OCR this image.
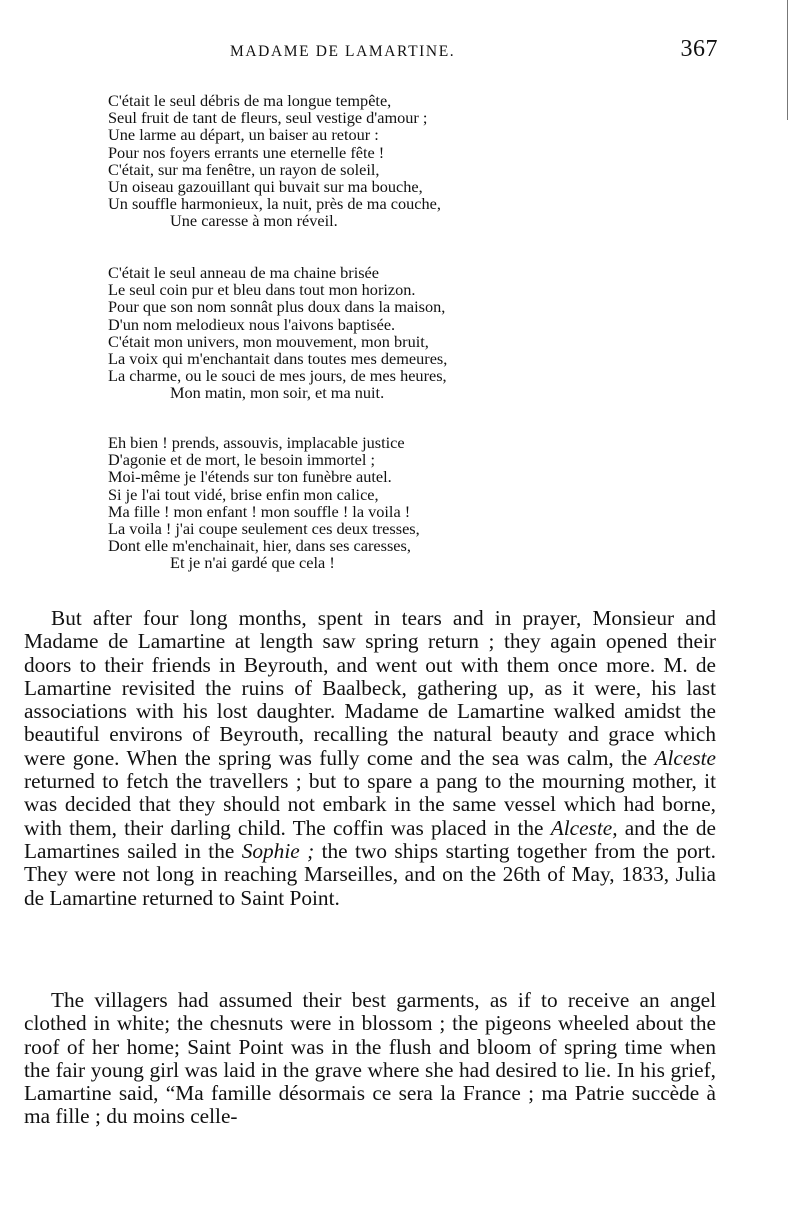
MADAME DE LAMARTINE.	367
C'était le seul débris de ma longue tempête,
Seul fruit de tant de fleurs, seul vestige d'amour ;
Une larme au départ, un baiser au retour :
Pour nos foyers errants une eternelle fête !
C'était, sur ma fenêtre, un rayon de soleil,
Un oiseau gazouillant qui buvait sur ma bouche,
Un souffle harmonieux, la nuit, près de ma couche,
Une caresse à mon réveil.
C'était le seul anneau de ma chaine brisée
Le seul coin pur et bleu dans tout mon horizon.
Pour que son nom sonnât plus doux dans la maison,
D'un nom melodieux nous l'aivons baptisée.
C'était mon univers, mon mouvement, mon bruit,
La voix qui m'enchantait dans toutes mes demeures,
La charme, ou le souci de mes jours, de mes heures,
Mon matin, mon soir, et ma nuit.
Eh bien ! prends, assouvis, implacable justice
D'agonie et de mort, le besoin immortel ;
Moi-même je l'étends sur ton funèbre autel.
Si je l'ai tout vidé, brise enfin mon calice,
Ma fille ! mon enfant ! mon souffle ! la voila !
La voila ! j'ai coupe seulement ces deux tresses,
Dont elle m'enchainait, hier, dans ses caresses,
Et je n'ai gardé que cela !

But after four long months, spent in tears and in prayer, Monsieur and Madame de Lamartine at length saw spring return ; they again opened their doors to their friends in Beyrouth, and went out with them once more. M. de Lamartine revisited the ruins of Baalbeck, gathering up, as it were, his last associations with his lost daughter. Madame de Lamartine walked amidst the beautiful environs of Beyrouth, recalling the natural beauty and grace which were gone. When the spring was fully come and the sea was calm, the Alceste returned to fetch the travellers ; but to spare a pang to the mourning mother, it was decided that they should not embark in the same vessel which had borne, with them, their darling child. The coffin was placed in the Alceste, and the de Lamartines sailed in the Sophie ; the two ships starting together from the port. They were not long in reaching Marseilles, and on the 26th of May, 1833, Julia de Lamartine returned to Saint Point.

The villagers had assumed their best garments, as if to receive an angel clothed in white; the chesnuts were in blossom ; the pigeons wheeled about the roof of her home; Saint Point was in the flush and bloom of spring time when the fair young girl was laid in the grave where she had desired to lie. In his grief, Lamartine said, “Ma famille désormais ce sera la France ; ma Patrie succède à ma fille ; du moins celle-
